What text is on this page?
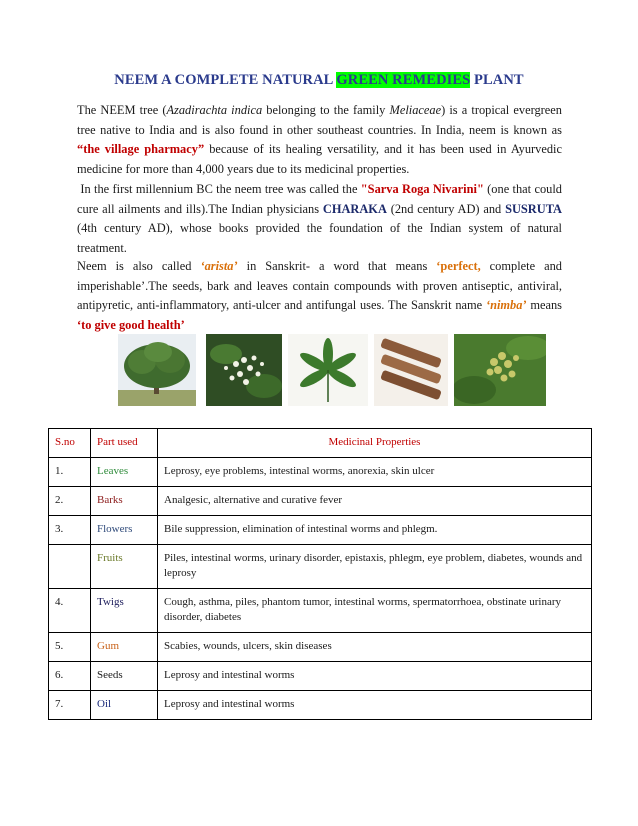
NEEM A COMPLETE NATURAL GREEN REMEDIES PLANT
The NEEM tree (Azadirachta indica belonging to the family Meliaceae) is a tropical evergreen tree native to India and is also found in other southeast countries. In India, neem is known as “the village pharmacy” because of its healing versatility, and it has been used in Ayurvedic medicine for more than 4,000 years due to its medicinal properties.
In the first millennium BC the neem tree was called the "Sarva Roga Nivarini" (one that could cure all ailments and ills).The Indian physicians CHARAKA (2nd century AD) and SUSRUTA (4th century AD), whose books provided the foundation of the Indian system of natural treatment.
Neem is also called ‘arista’ in Sanskrit- a word that means ‘perfect, complete and imperishable’.The seeds, bark and leaves contain compounds with proven antiseptic, antiviral, antipyretic, anti-inflammatory, anti-ulcer and antifungal uses. The Sanskrit name ‘nimba’ means ‘to give good health’
S.no	Part used	Medicinal Properties
1.	Leaves	Leprosy, eye problems, intestinal worms, anorexia, skin ulcer
2.	Barks	Analgesic, alternative and curative fever
3.	Flowers	Bile suppression, elimination of intestinal worms and phlegm.
	Fruits	Piles, intestinal worms, urinary disorder, epistaxis, phlegm, eye problem, diabetes, wounds and leprosy
4.	Twigs	Cough, asthma, piles, phantom tumor, intestinal worms, spermatorrhoea, obstinate urinary disorder, diabetes
5.	Gum	Scabies, wounds, ulcers, skin diseases
6.	Seeds	Leprosy and intestinal worms
7.	Oil	Leprosy and intestinal worms
